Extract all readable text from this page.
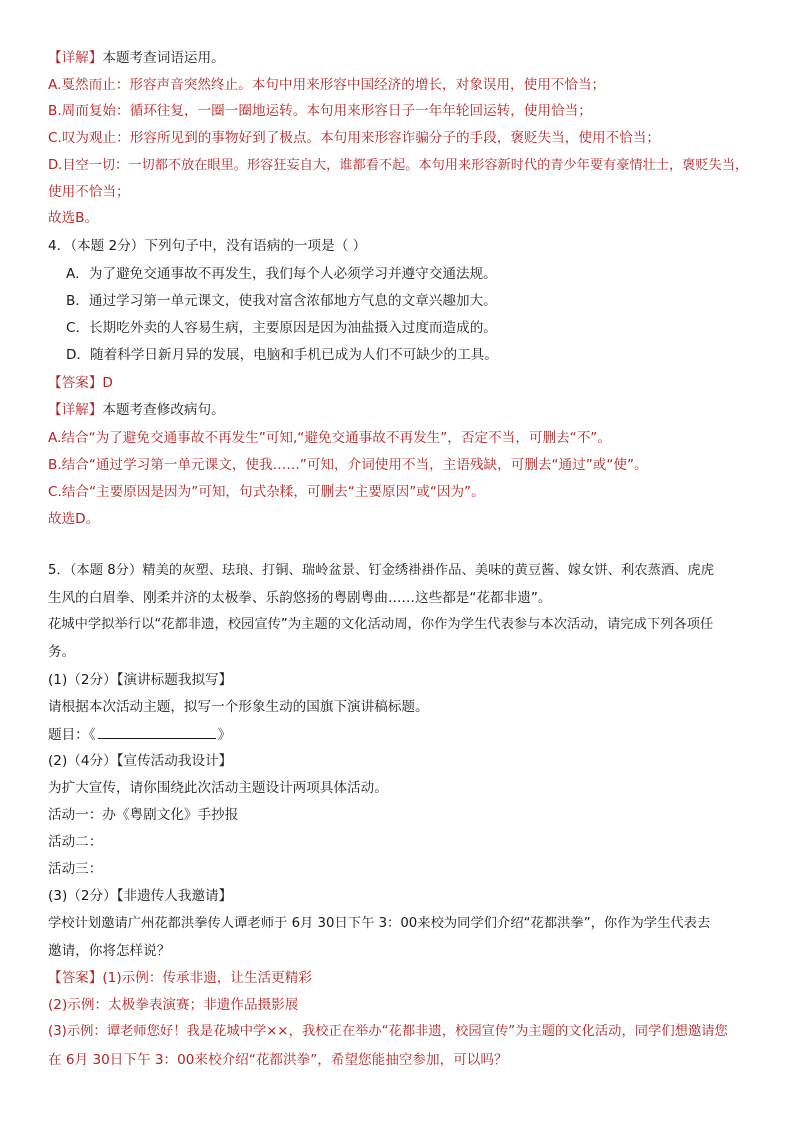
【详解】本题考查词语运用。
A.戛然而止：形容声音突然终止。本句中用来形容中国经济的增长，对象误用，使用不恰当；
B.周而复始：循环往复，一圈一圈地运转。本句用来形容日子一年年轮回运转，使用恰当；
C.叹为观止：形容所见到的事物好到了极点。本句用来形容诈骗分子的手段，褒贬失当，使用不恰当；
D.目空一切：一切都不放在眼里。形容狂妄自大，谁都看不起。本句用来形容新时代的青少年要有豪情壮士，褒贬失当，
使用不恰当；
故选B。
4．（本题 2分）下列句子中，没有语病的一项是（ ）
A．为了避免交通事故不再发生，我们每个人必须学习并遵守交通法规。
B．通过学习第一单元课文，使我对富含浓郁地方气息的文章兴趣加大。
C．长期吃外卖的人容易生病，主要原因是因为油盐摄入过度而造成的。
D．随着科学日新月异的发展，电脑和手机已成为人们不可缺少的工具。
【答案】D
【详解】本题考查修改病句。
A.结合“为了避免交通事故不再发生”可知,“避免交通事故不再发生”，否定不当，可删去“不”。
B.结合“通过学习第一单元课文，使我……”可知，介词使用不当，主语残缺，可删去“通过”或“使”。
C.结合“主要原因是因为”可知，句式杂糅，可删去“主要原因”或“因为”。
故选D。
5．（本题 8分）精美的灰塑、珐琅、打铜、瑞岭盆景、钉金绣褂褂作品、美味的黄豆酱、嫁女饼、利农蒸酒、虎虎
生风的白眉拳、刚柔并济的太极拳、乐韵悠扬的粤剧粤曲……这些都是“花都非遗”。
花城中学拟举行以“花都非遗，校园宣传”为主题的文化活动周，你作为学生代表参与本次活动，请完成下列各项任
务。
(1)（2分）【演讲标题我拟写】
请根据本次活动主题，拟写一个形象生动的国旗下演讲稿标题。
题目：《	》
(2)（4分）【宣传活动我设计】
为扩大宣传，请你围绕此次活动主题设计两项具体活动。
活动一：办《粤剧文化》手抄报
活动二：
活动三：
(3)（2分）【非遗传人我邀请】
学校计划邀请广州花都洪拳传人谭老师于 6月 30日下午 3：00来校为同学们介绍“花都洪拳”，你作为学生代表去
邀请，你将怎样说？
【答案】(1)示例：传承非遗，让生活更精彩
(2)示例：太极拳表演赛；非遗作品摄影展
(3)示例：谭老师您好！我是花城中学××，我校正在举办“花都非遗，校园宣传”为主题的文化活动，同学们想邀请您
在 6月 30日下午 3：00来校介绍“花都洪拳”，希望您能抽空参加，可以吗？
